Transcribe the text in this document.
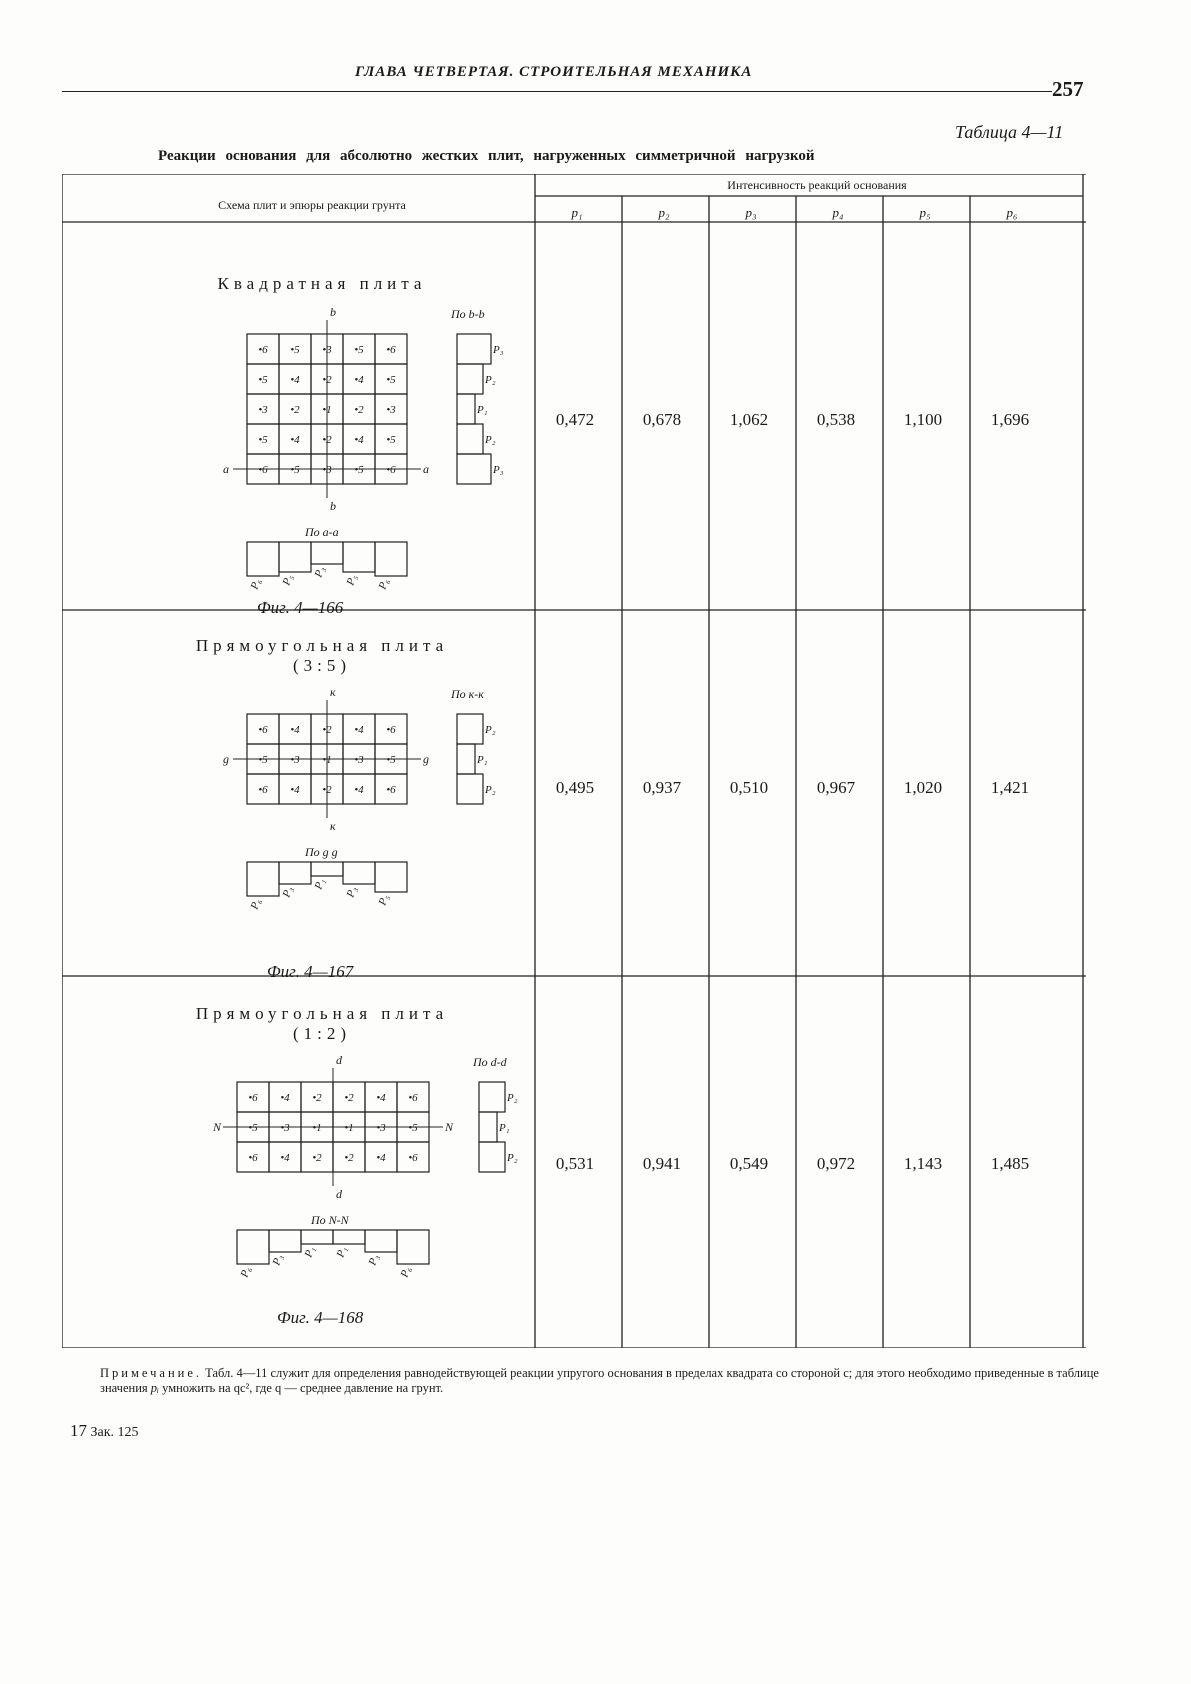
ГЛАВА ЧЕТВЕРТАЯ. СТРОИТЕЛЬНАЯ МЕХАНИКА
257
Таблица 4—11
Реакции основания для абсолютно жестких плит, нагруженных симметричной нагрузкой
Схема плит и эпюры реакции грунта
Интенсивность реакций основания
p₁	p₂	p₃	p₄	p₅	p₆
Квадратная плита
Фиг. 4—166
0,472	0,678	1,062	0,538	1,100	1,696
•6 •5 •3 •5 •6
•5 •4 •2 •4 •5
•3 •2 •1 •2 •3
•5 •4 •2 •4 •5
•6 •5 •3 •5 •6
b
b
a	a
По b-b
P₃
P₂
P₁
P₂
P₃
По a-a
P₆ P₅
P₃
P₅ P₆
Прямоугольная плита
(3:5)
Фиг. 4—167
0,495	0,937	0,510	0,967	1,020	1,421
•6 •4 •2 •4 •6
•5 •3 •1 •3 •5
•6 •4 •2 •4 •6
к
к
g	g
По к-к
P₂
P₁
P₂
По g g
P₆
P₃
P₁
P₃
P₅
Прямоугольная плита
(1:2)
Фиг. 4—168
0,531	0,941	0,549	0,972	1,143	1,485
•6 •4 •2 •2 •4 •6
•5 •3 •1 •1 •3 •5
•6 •4 •2 •2 •4 •6
d
d
N	N
По d-d
P₂
P₁
P₂
По N-N
P₆
P₃
P₁ P₁
P₃
P₆
Примечание. Табл. 4—11 служит для определения равнодействующей реакции упругого основания в пределах квадрата со стороной c; для этого необходимо приведенные в таблице значения pᵢ умножить на qc², где q — среднее давление на грунт.
17 Зак. 125
